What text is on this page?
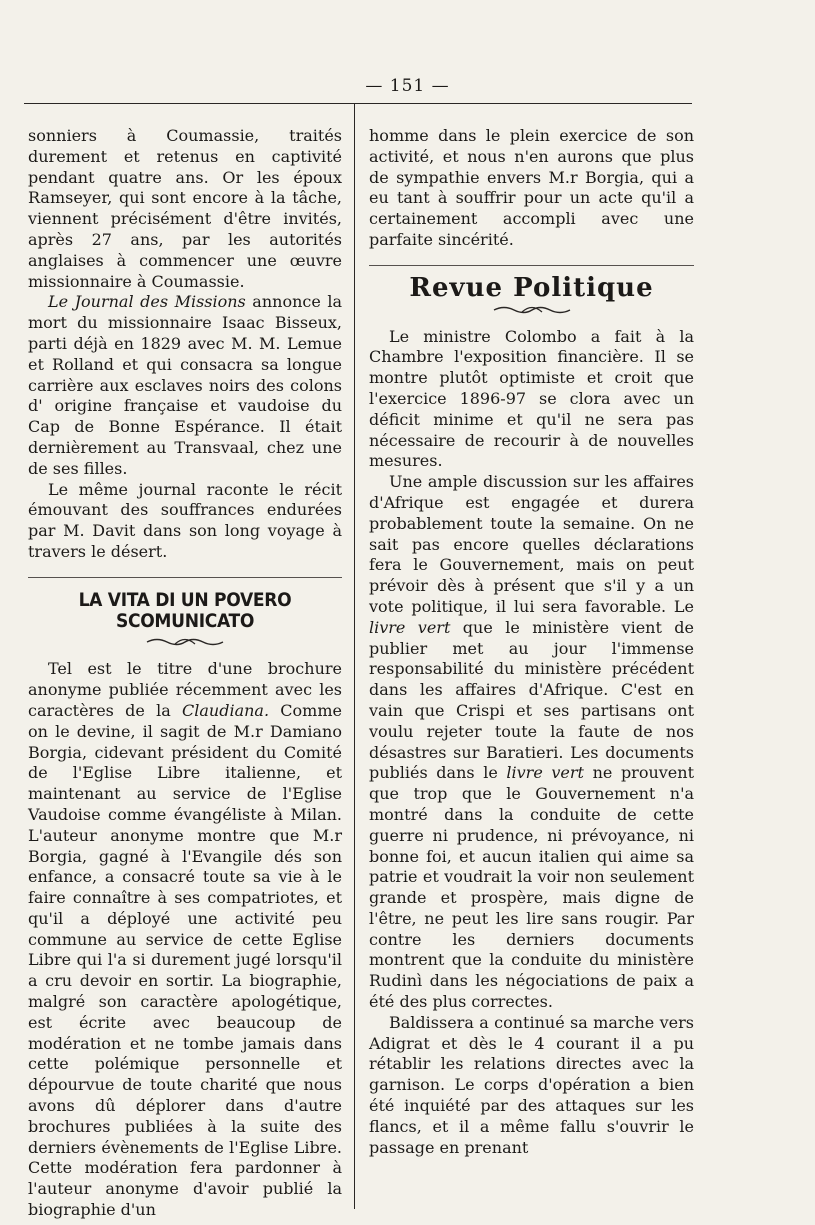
— 151 —

sonniers à Coumassie, traités durement et retenus en captivité pendant quatre ans. Or les époux Ramseyer, qui sont encore à la tâche, viennent précisément d'être invités, après 27 ans, par les autorités anglaises à commencer une œuvre missionnaire à Coumassie.

Le Journal des Missions annonce la mort du missionnaire Isaac Bisseux, parti déjà en 1829 avec M. M. Lemue et Rolland et qui consacra sa longue carrière aux esclaves noirs des colons d' origine française et vaudoise du Cap de Bonne Espérance. Il était dernièrement au Transvaal, chez une de ses filles.

Le même journal raconte le récit émouvant des souffrances endurées par M. Davit dans son long voyage à travers le désert.

LA VITA DI UN POVERO SCOMUNICATO

Tel est le titre d'une brochure anonyme publiée récemment avec les caractères de la Claudiana. Comme on le devine, il sagit de M.r Damiano Borgia, cidevant président du Comité de l'Eglise Libre italienne, et maintenant au service de l'Eglise Vaudoise comme évangéliste à Milan. L'auteur anonyme montre que M.r Borgia, gagné à l'Evangile dés son enfance, a consacré toute sa vie à le faire connaître à ses compatriotes, et qu'il a déployé une activité peu commune au service de cette Eglise Libre qui l'a si durement jugé lorsqu'il a cru devoir en sortir. La biographie, malgré son caractère apologétique, est écrite avec beaucoup de modération et ne tombe jamais dans cette polémique personnelle et dépourvue de toute charité que nous avons dû déplorer dans d'autre brochures publiées à la suite des derniers évènements de l'Eglise Libre. Cette modération fera pardonner à l'auteur anonyme d'avoir publié la biographie d'un

homme dans le plein exercice de son activité, et nous n'en aurons que plus de sympathie envers M.r Borgia, qui a eu tant à souffrir pour un acte qu'il a certainement accompli avec une parfaite sincérité.

Revue Politique

Le ministre Colombo a fait à la Chambre l'exposition financière. Il se montre plutôt optimiste et croit que l'exercice 1896-97 se clora avec un déficit minime et qu'il ne sera pas nécessaire de recourir à de nouvelles mesures.

Une ample discussion sur les affaires d'Afrique est engagée et durera probablement toute la semaine. On ne sait pas encore quelles déclarations fera le Gouvernement, mais on peut prévoir dès à présent que s'il y a un vote politique, il lui sera favorable. Le livre vert que le ministère vient de publier met au jour l'immense responsabilité du ministère précédent dans les affaires d'Afrique. C'est en vain que Crispi et ses partisans ont voulu rejeter toute la faute de nos désastres sur Baratieri. Les documents publiés dans le livre vert ne prouvent que trop que le Gouvernement n'a montré dans la conduite de cette guerre ni prudence, ni prévoyance, ni bonne foi, et aucun italien qui aime sa patrie et voudrait la voir non seulement grande et prospère, mais digne de l'être, ne peut les lire sans rougir. Par contre les derniers documents montrent que la conduite du ministère Rudinì dans les négociations de paix a été des plus correctes.

Baldissera a continué sa marche vers Adigrat et dès le 4 courant il a pu rétablir les relations directes avec la garnison. Le corps d'opération a bien été inquiété par des attaques sur les flancs, et il a même fallu s'ouvrir le passage en prenant
